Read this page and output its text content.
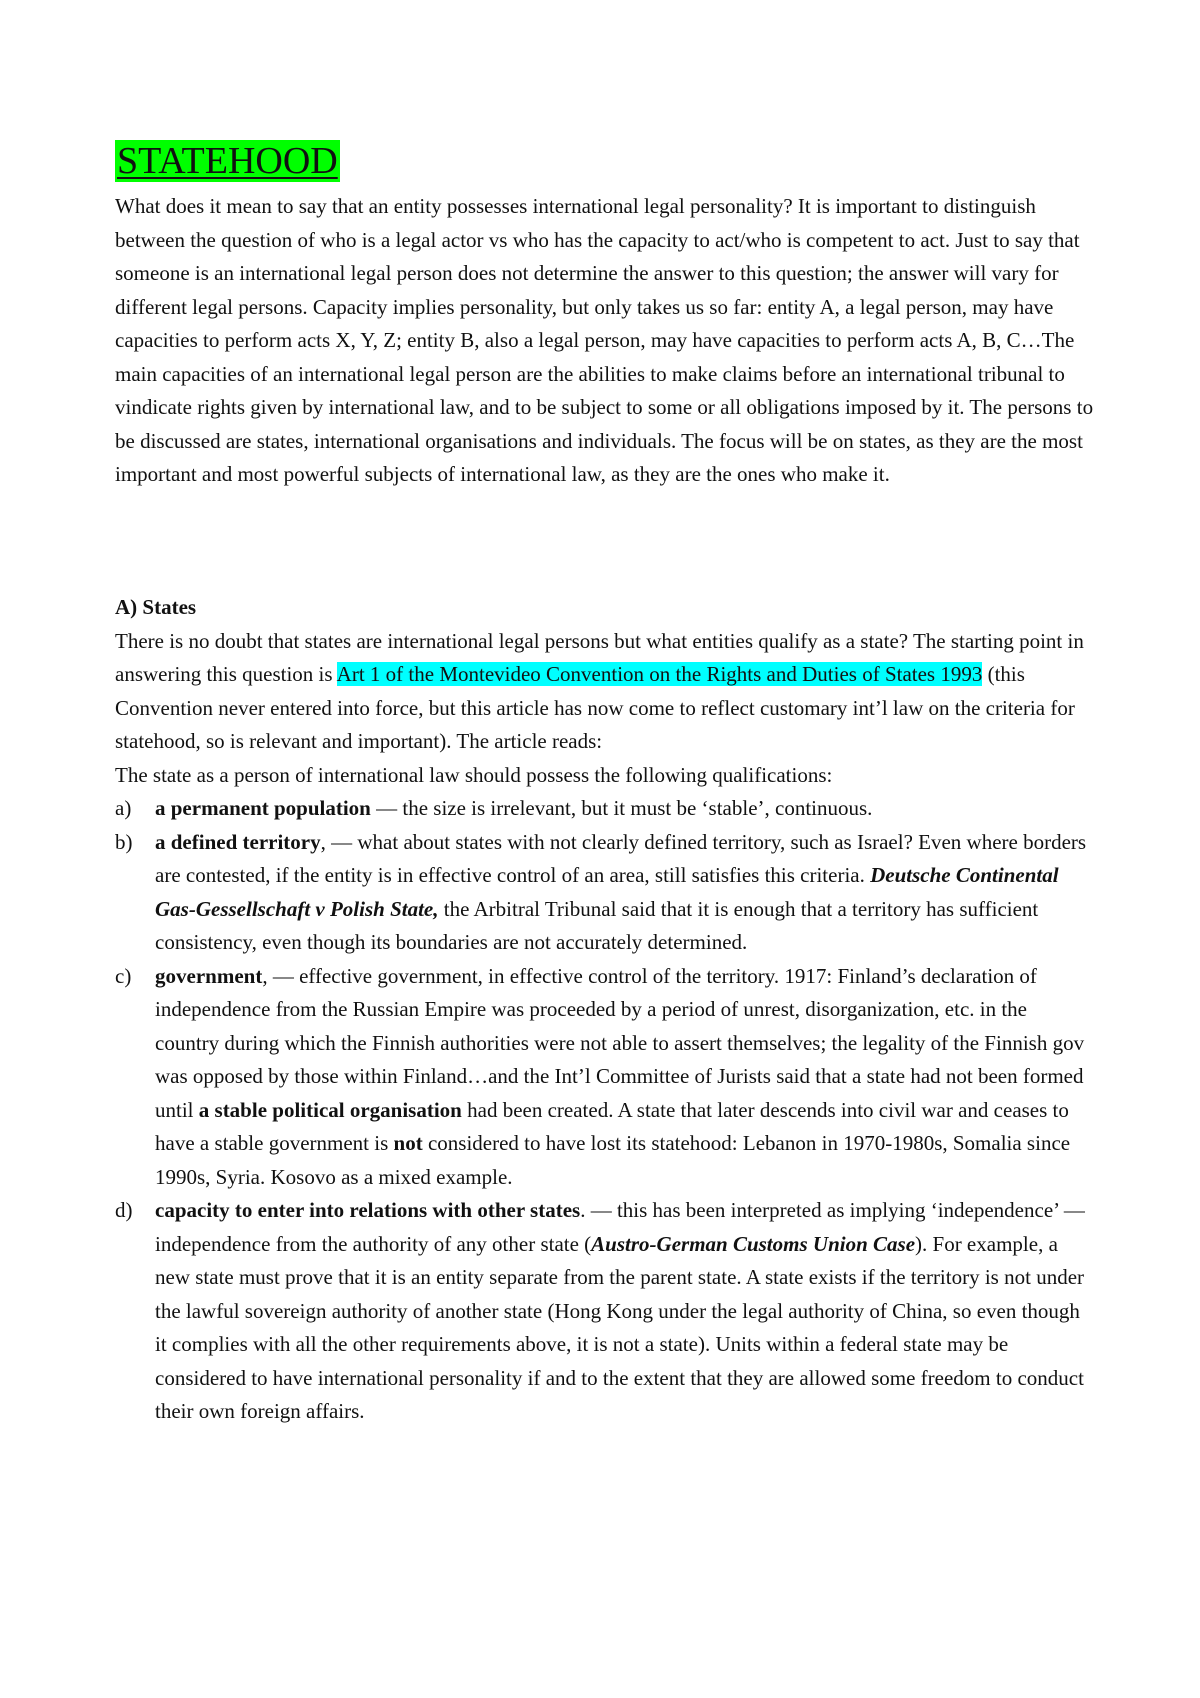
STATEHOOD

What does it mean to say that an entity possesses international legal personality? It is important to distinguish between the question of who is a legal actor vs who has the capacity to act/who is competent to act. Just to say that someone is an international legal person does not determine the answer to this question; the answer will vary for different legal persons. Capacity implies personality, but only takes us so far: entity A, a legal person, may have capacities to perform acts X, Y, Z; entity B, also a legal person, may have capacities to perform acts A, B, C…The main capacities of an international legal person are the abilities to make claims before an international tribunal to vindicate rights given by international law, and to be subject to some or all obligations imposed by it. The persons to be discussed are states, international organisations and individuals. The focus will be on states, as they are the most important and most powerful subjects of international law, as they are the ones who make it.

A) States

There is no doubt that states are international legal persons but what entities qualify as a state? The starting point in answering this question is Art 1 of the Montevideo Convention on the Rights and Duties of States 1993 (this Convention never entered into force, but this article has now come to reflect customary int’l law on the criteria for statehood, so is relevant and important). The article reads:

The state as a person of international law should possess the following qualifications:

a) a permanent population — the size is irrelevant, but it must be ‘stable’, continuous.
b) a defined territory, — what about states with not clearly defined territory, such as Israel? Even where borders are contested, if the entity is in effective control of an area, still satisfies this criteria. Deutsche Continental Gas-Gessellschaft v Polish State, the Arbitral Tribunal said that it is enough that a territory has sufficient consistency, even though its boundaries are not accurately determined.
c) government, — effective government, in effective control of the territory. 1917: Finland’s declaration of independence from the Russian Empire was proceeded by a period of unrest, disorganization, etc. in the country during which the Finnish authorities were not able to assert themselves; the legality of the Finnish gov was opposed by those within Finland…and the Int’l Committee of Jurists said that a state had not been formed until a stable political organisation had been created. A state that later descends into civil war and ceases to have a stable government is not considered to have lost its statehood: Lebanon in 1970-1980s, Somalia since 1990s, Syria. Kosovo as a mixed example.
d) capacity to enter into relations with other states. — this has been interpreted as implying ‘independence’ — independence from the authority of any other state (Austro-German Customs Union Case). For example, a new state must prove that it is an entity separate from the parent state. A state exists if the territory is not under the lawful sovereign authority of another state (Hong Kong under the legal authority of China, so even though it complies with all the other requirements above, it is not a state). Units within a federal state may be considered to have international personality if and to the extent that they are allowed some freedom to conduct their own foreign affairs.
